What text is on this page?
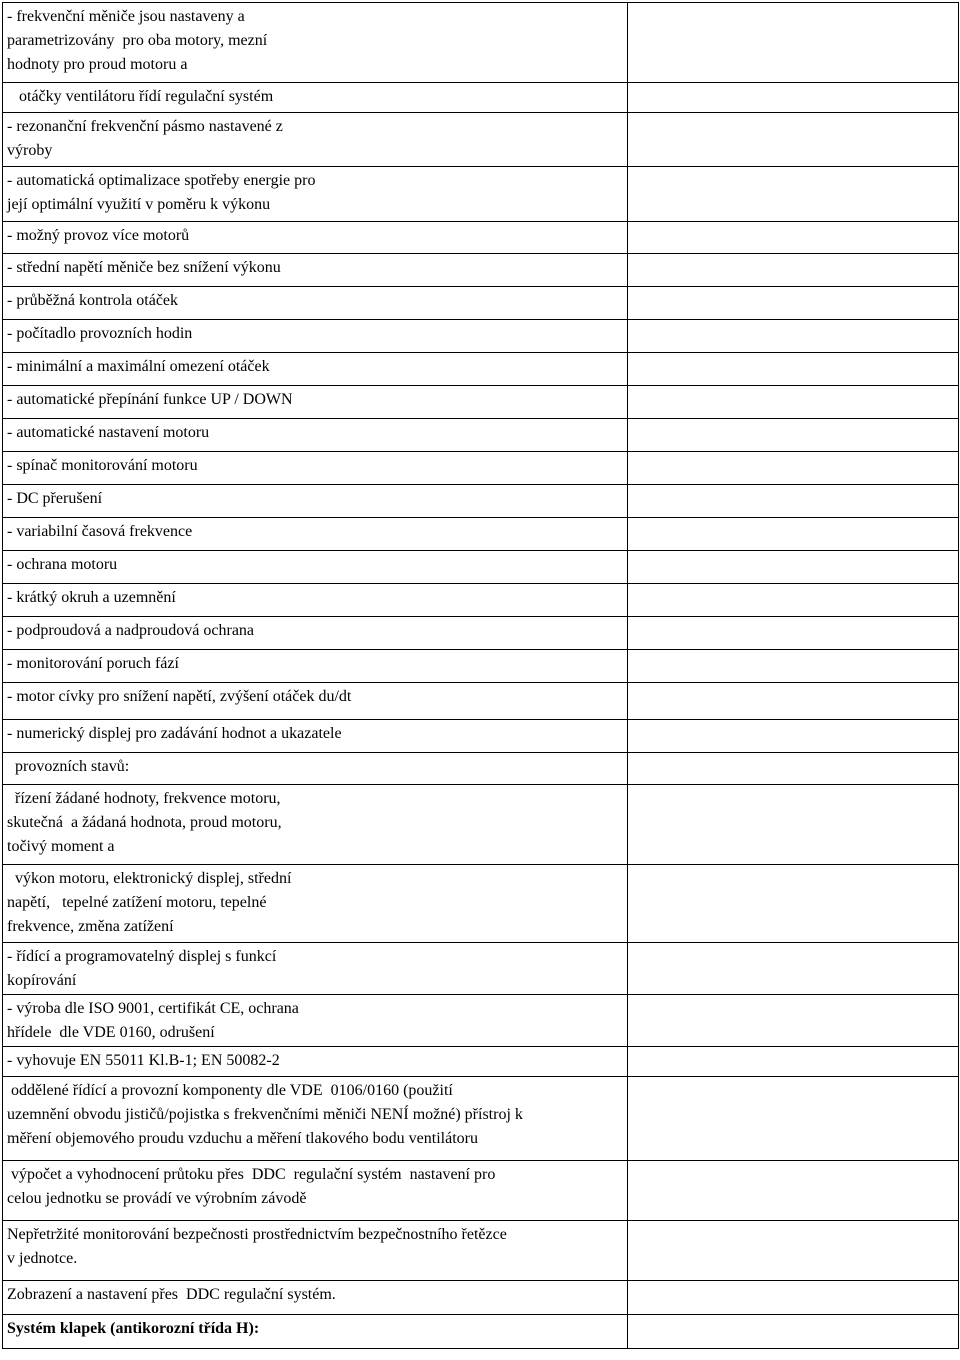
- frekvenční měniče jsou nastaveny a
parametrizovány  pro oba motory, mezní
hodnoty pro proud motoru a	

otáčky ventilátoru řídí regulační systém	

- rezonanční frekvenční pásmo nastavené z
výroby	

- automatická optimalizace spotřeby energie pro
její optimální využití v poměru k výkonu	

- možný provoz více motorů	

- střední napětí měniče bez snížení výkonu	

- průběžná kontrola otáček	

- počítadlo provozních hodin	

- minimální a maximální omezení otáček	

- automatické přepínání funkce UP / DOWN	

- automatické nastavení motoru	

- spínač monitorování motoru	

- DC přerušení	

- variabilní časová frekvence	

- ochrana motoru	

- krátký okruh a uzemnění	

- podproudová a nadproudová ochrana	

- monitorování poruch fází	

- motor cívky pro snížení napětí, zvýšení otáček du/dt	

- numerický displej pro zadávání hodnot a ukazatele	

provozních stavů:	

řízení žádané hodnoty, frekvence motoru,
skutečná  a žádaná hodnota, proud motoru,
točivý moment a	

výkon motoru, elektronický displej, střední
napětí,   tepelné zatížení motoru, tepelné
frekvence, změna zatížení	

- řídící a programovatelný displej s funkcí
kopírování	

- výroba dle ISO 9001, certifikát CE, ochrana
hřídele  dle VDE 0160, odrušení	

- vyhovuje EN 55011 Kl.B-1; EN 50082-2	

oddělené řídící a provozní komponenty dle VDE  0106/0160 (použití
uzemnění obvodu jističů/pojistka s frekvenčními měniči NENÍ možné) přístroj k
měření objemového proudu vzduchu a měření tlakového bodu ventilátoru	

výpočet a vyhodnocení průtoku přes  DDC  regulační systém  nastavení pro
celou jednotku se provádí ve výrobním závodě	

Nepřetržité monitorování bezpečnosti prostřednictvím bezpečnostního řetězce
v jednotce.	

Zobrazení a nastavení přes  DDC regulační systém.	

Systém klapek (antikorozní třída H):	
